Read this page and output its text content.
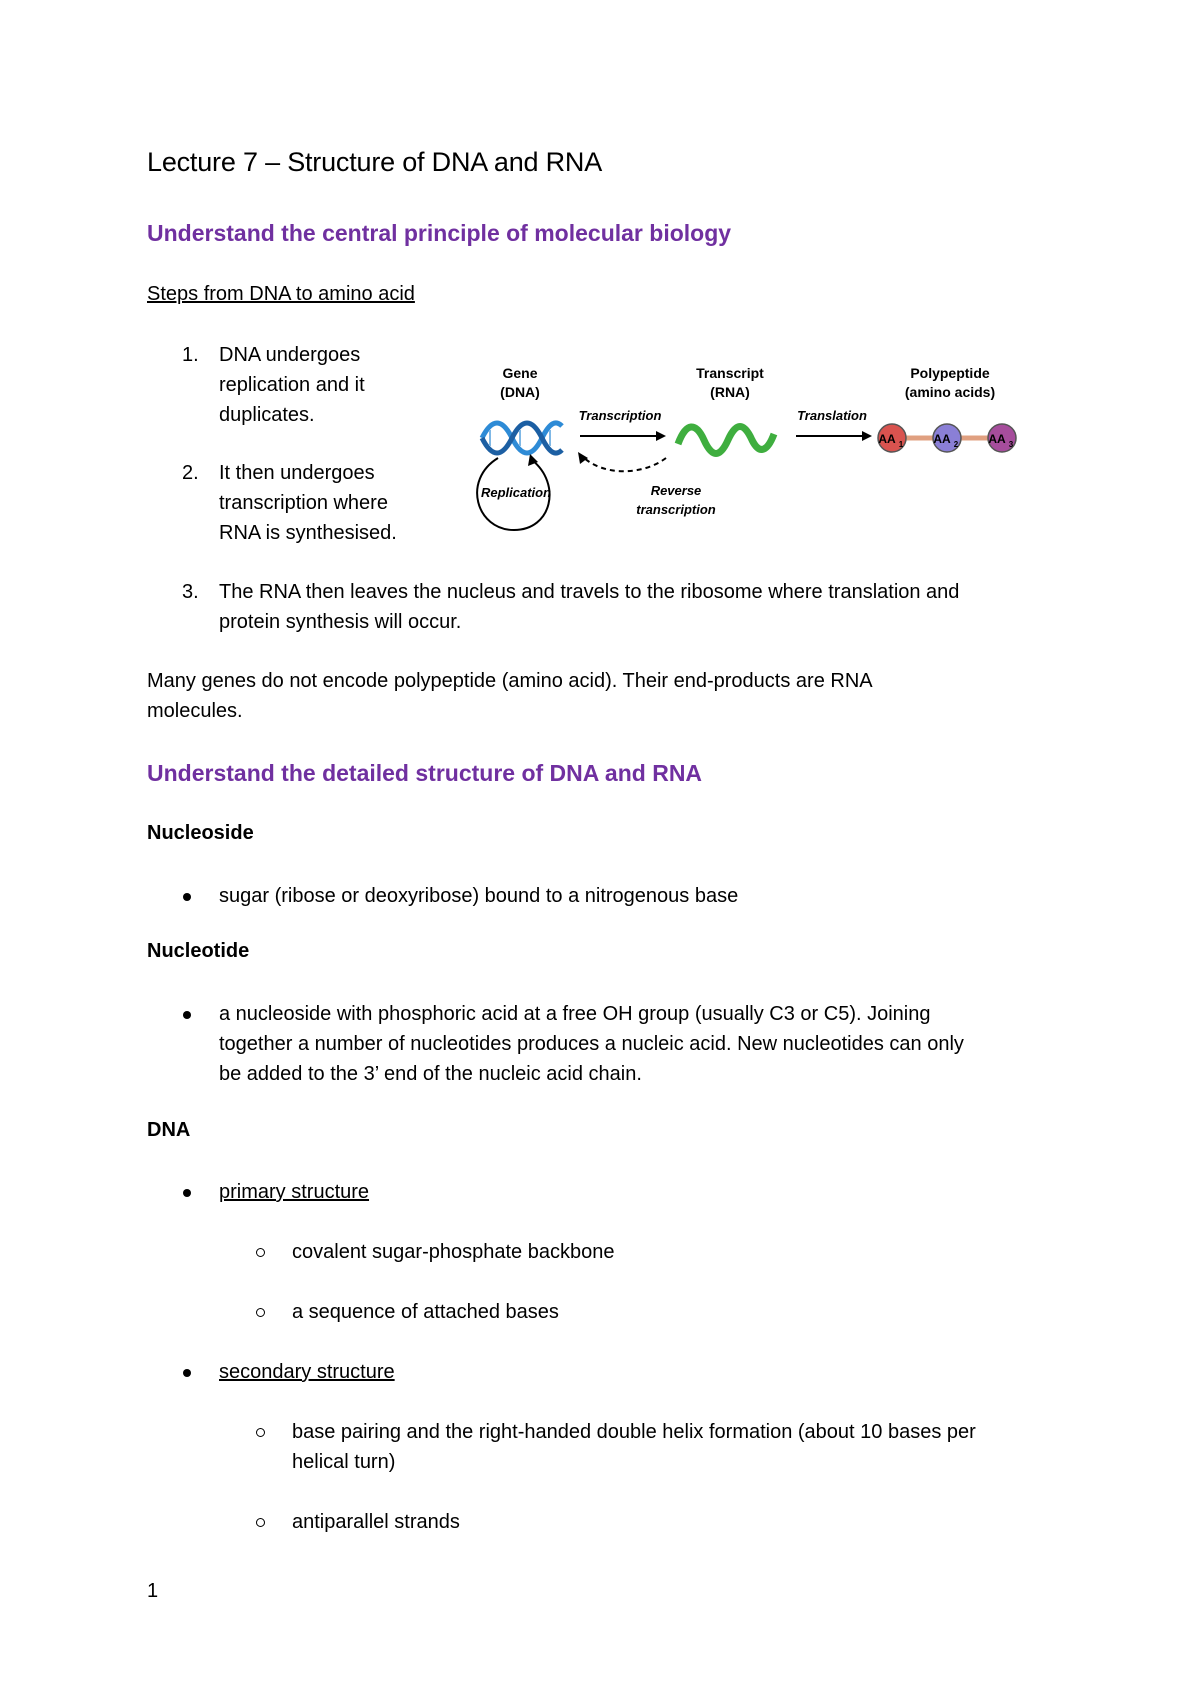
Lecture 7 – Structure of DNA and RNA
Understand the central principle of molecular biology
Steps from DNA to amino acid
1. DNA undergoes
replication and it
duplicates.
2. It then undergoes
transcription where
RNA is synthesised.
Gene
(DNA)
Transcript
(RNA)
Polypeptide
(amino acids)
Transcription	Translation
AA 1	AA 2	AA 3
Replication	Reverse
transcription
3. The RNA then leaves the nucleus and travels to the ribosome where translation and
protein synthesis will occur.
Many genes do not encode polypeptide (amino acid). Their end-products are RNA
molecules.
Understand the detailed structure of DNA and RNA
Nucleoside
sugar (ribose or deoxyribose) bound to a nitrogenous base
Nucleotide
a nucleoside with phosphoric acid at a free OH group (usually C3 or C5). Joining
together a number of nucleotides produces a nucleic acid. New nucleotides can only
be added to the 3’ end of the nucleic acid chain.
DNA
primary structure
covalent sugar-phosphate backbone
a sequence of attached bases
secondary structure
base pairing and the right-handed double helix formation (about 10 bases per
helical turn)
antiparallel strands
1
